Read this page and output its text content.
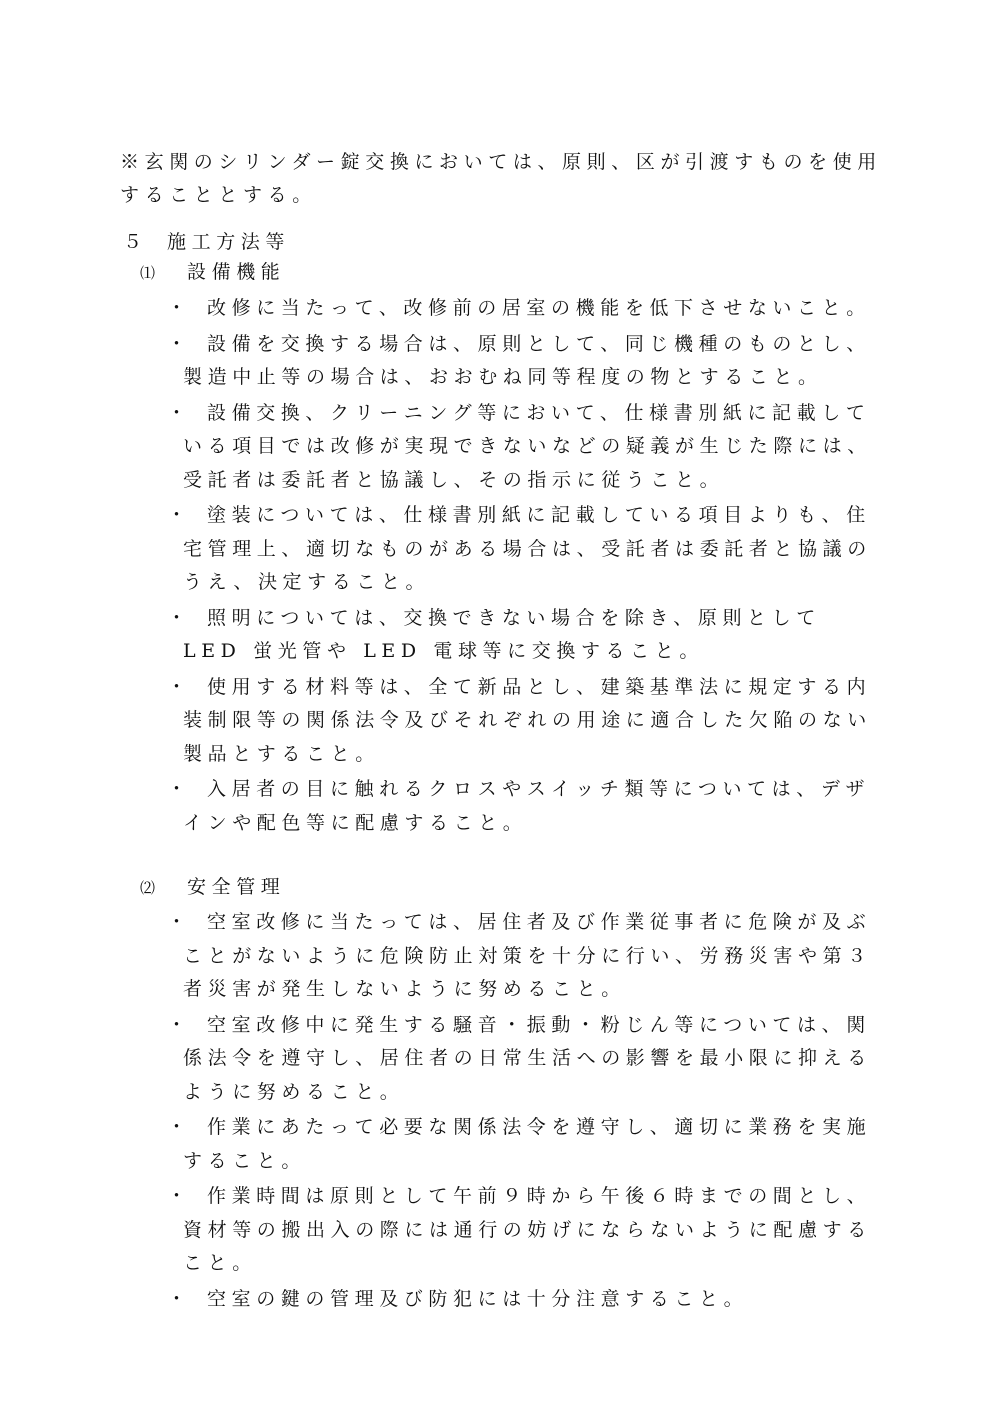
※玄関のシリンダー錠交換においては、原則、区が引渡すものを使用することとする。

５ 施工方法等
⑴ 設備機能
・	改修に当たって、改修前の居室の機能を低下させないこと。
・	設備を交換する場合は、原則として、同じ機種のものとし、製造中止等の場合は、おおむね同等程度の物とすること。
・	設備交換、クリーニング等において、仕様書別紙に記載している項目では改修が実現できないなどの疑義が生じた際には、受託者は委託者と協議し、その指示に従うこと。
・	塗装については、仕様書別紙に記載している項目よりも、住宅管理上、適切なものがある場合は、受託者は委託者と協議のうえ、決定すること。
・	照明については、交換できない場合を除き、原則として LED 蛍光管や LED 電球等に交換すること。
・	使用する材料等は、全て新品とし、建築基準法に規定する内装制限等の関係法令及びそれぞれの用途に適合した欠陥のない製品とすること。
・	入居者の目に触れるクロスやスイッチ類等については、デザインや配色等に配慮すること。
⑵ 安全管理
・	空室改修に当たっては、居住者及び作業従事者に危険が及ぶことがないように危険防止対策を十分に行い、労務災害や第３者災害が発生しないように努めること。
・	空室改修中に発生する騒音・振動・粉じん等については、関係法令を遵守し、居住者の日常生活への影響を最小限に抑えるように努めること。
・	作業にあたって必要な関係法令を遵守し、適切に業務を実施すること。
・	作業時間は原則として午前９時から午後６時までの間とし、資材等の搬出入の際には通行の妨げにならないように配慮すること。
・	空室の鍵の管理及び防犯には十分注意すること。
